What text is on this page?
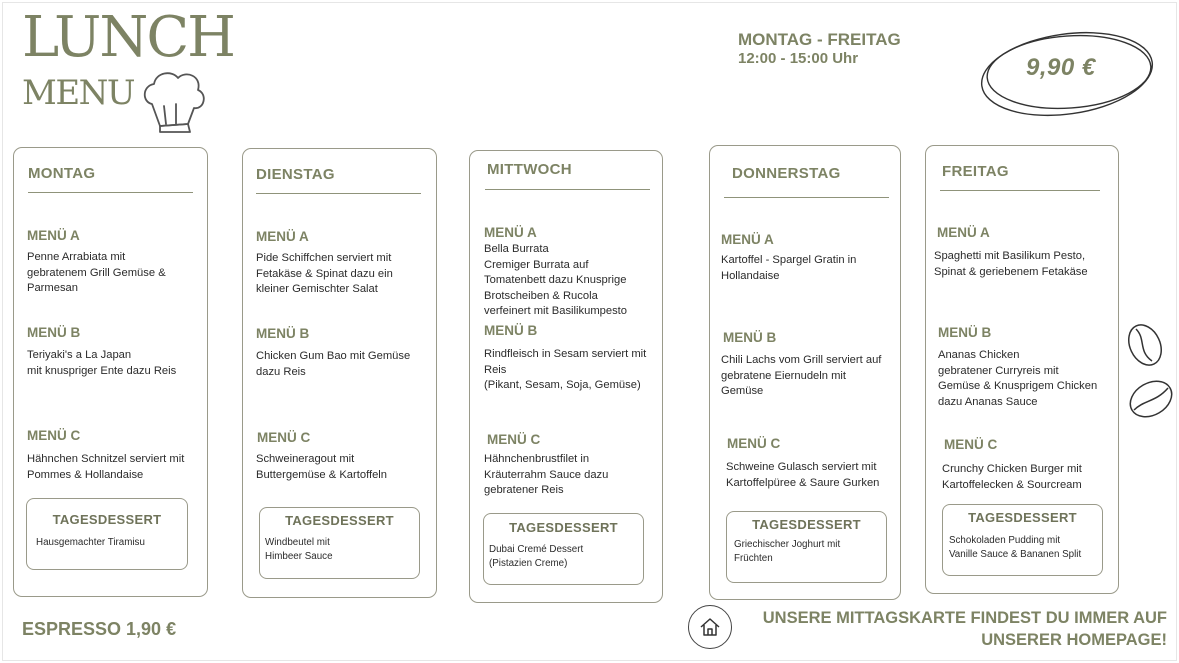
LUNCH
MENU
MONTAG - FREITAG
12:00 - 15:00 Uhr	9,90 €
MONTAG
MENÜ A
Penne Arrabiata mit
gebratenem Grill Gemüse &
Parmesan
MENÜ B
Teriyaki's a La Japan
mit knuspriger Ente dazu Reis
MENÜ C
Hähnchen Schnitzel serviert mit
Pommes & Hollandaise
TAGESDESSERT
Hausgemachter Tiramisu
DIENSTAG
MENÜ A
Pide Schiffchen serviert mit
Fetakäse & Spinat dazu ein
kleiner Gemischter Salat
MENÜ B
Chicken Gum Bao mit Gemüse
dazu Reis
MENÜ C
Schweineragout mit
Buttergemüse & Kartoffeln
TAGESDESSERT
Windbeutel mit
Himbeer Sauce
MITTWOCH
MENÜ A
Bella Burrata
Cremiger Burrata auf
Tomatenbett dazu Knusprige
Brotscheiben & Rucola
verfeinert mit Basilikumpesto
MENÜ B
Rindfleisch in Sesam serviert mit
Reis
(Pikant, Sesam, Soja, Gemüse)
MENÜ C
Hähnchenbrustfilet in
Kräuterrahm Sauce dazu
gebratener Reis
TAGESDESSERT
Dubai Cremé Dessert
(Pistazien Creme)
DONNERSTAG
MENÜ A
Kartoffel - Spargel Gratin in
Hollandaise
MENÜ B
Chili Lachs vom Grill serviert auf
gebratene Eiernudeln mit
Gemüse
MENÜ C
Schweine Gulasch serviert mit
Kartoffelpüree & Saure Gurken
TAGESDESSERT
Griechischer Joghurt mit
Früchten
FREITAG
MENÜ A
Spaghetti mit Basilikum Pesto,
Spinat & geriebenem Fetakäse
MENÜ B
Ananas Chicken
gebratener Curryreis mit
Gemüse & Knusprigem Chicken
dazu Ananas Sauce
MENÜ C
Crunchy Chicken Burger mit
Kartoffelecken & Sourcream
TAGESDESSERT
Schokoladen Pudding mit
Vanille Sauce & Bananen Split
ESPRESSO 1,90 €
UNSERE MITTAGSKARTE FINDEST DU IMMER AUF
UNSERER HOMEPAGE!
